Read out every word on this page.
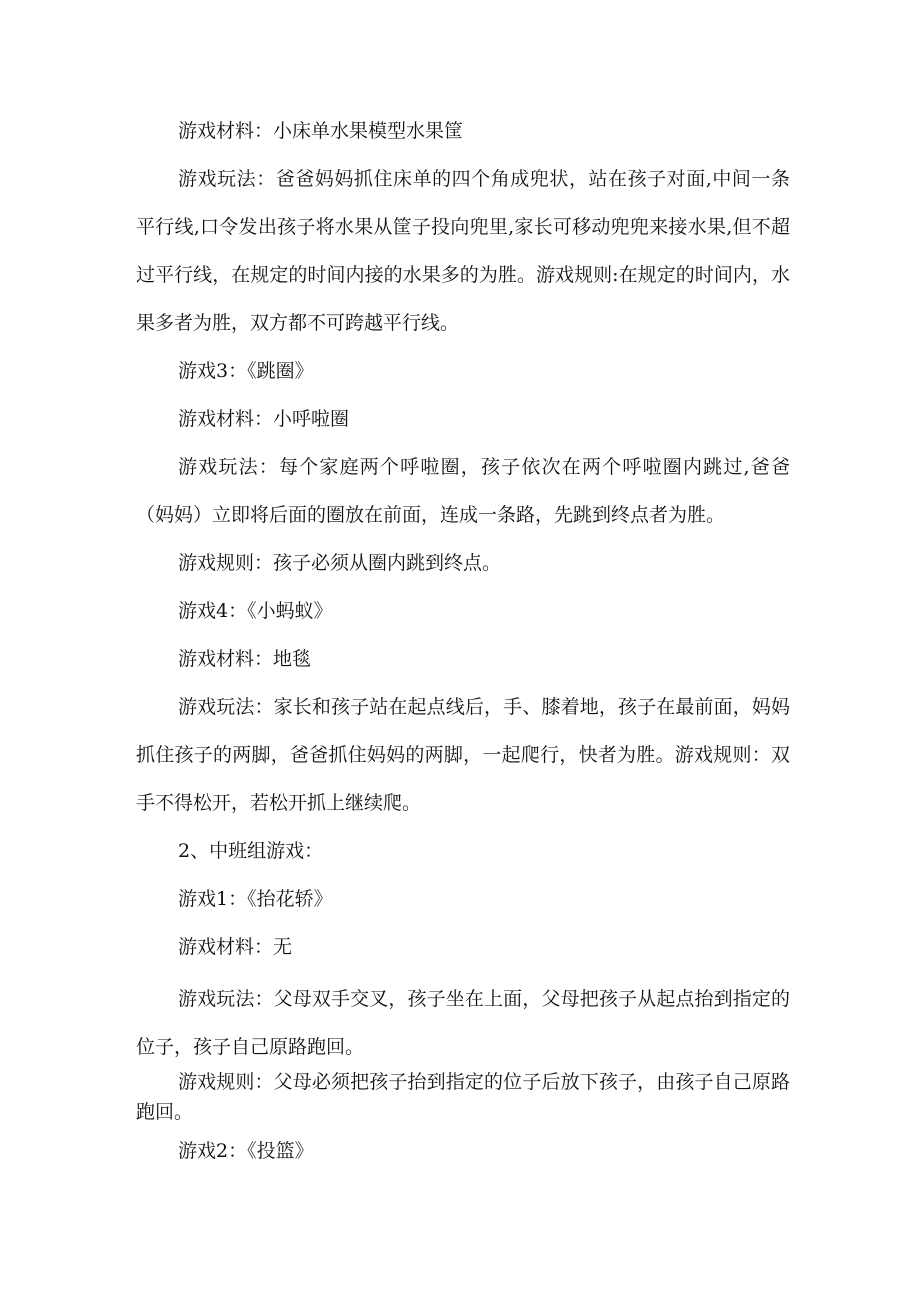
游戏材料：小床单水果模型水果筐

游戏玩法：爸爸妈妈抓住床单的四个角成兜状，站在孩子对面,中间一条平行线,口令发出孩子将水果从筐子投向兜里,家长可移动兜兜来接水果,但不超过平行线，在规定的时间内接的水果多的为胜。游戏规则:在规定的时间内，水果多者为胜，双方都不可跨越平行线。

游戏3：《跳圈》

游戏材料：小呼啦圈

游戏玩法：每个家庭两个呼啦圈，孩子依次在两个呼啦圈内跳过,爸爸（妈妈）立即将后面的圈放在前面，连成一条路，先跳到终点者为胜。

游戏规则：孩子必须从圈内跳到终点。

游戏4：《小蚂蚁》

游戏材料：地毯

游戏玩法：家长和孩子站在起点线后，手、膝着地，孩子在最前面，妈妈抓住孩子的两脚，爸爸抓住妈妈的两脚，一起爬行，快者为胜。游戏规则：双手不得松开，若松开抓上继续爬。

2、中班组游戏：

游戏1：《抬花轿》

游戏材料：无

游戏玩法：父母双手交叉，孩子坐在上面，父母把孩子从起点抬到指定的位子，孩子自己原路跑回。

游戏规则：父母必须把孩子抬到指定的位子后放下孩子，由孩子自己原路跑回。

游戏2：《投篮》
